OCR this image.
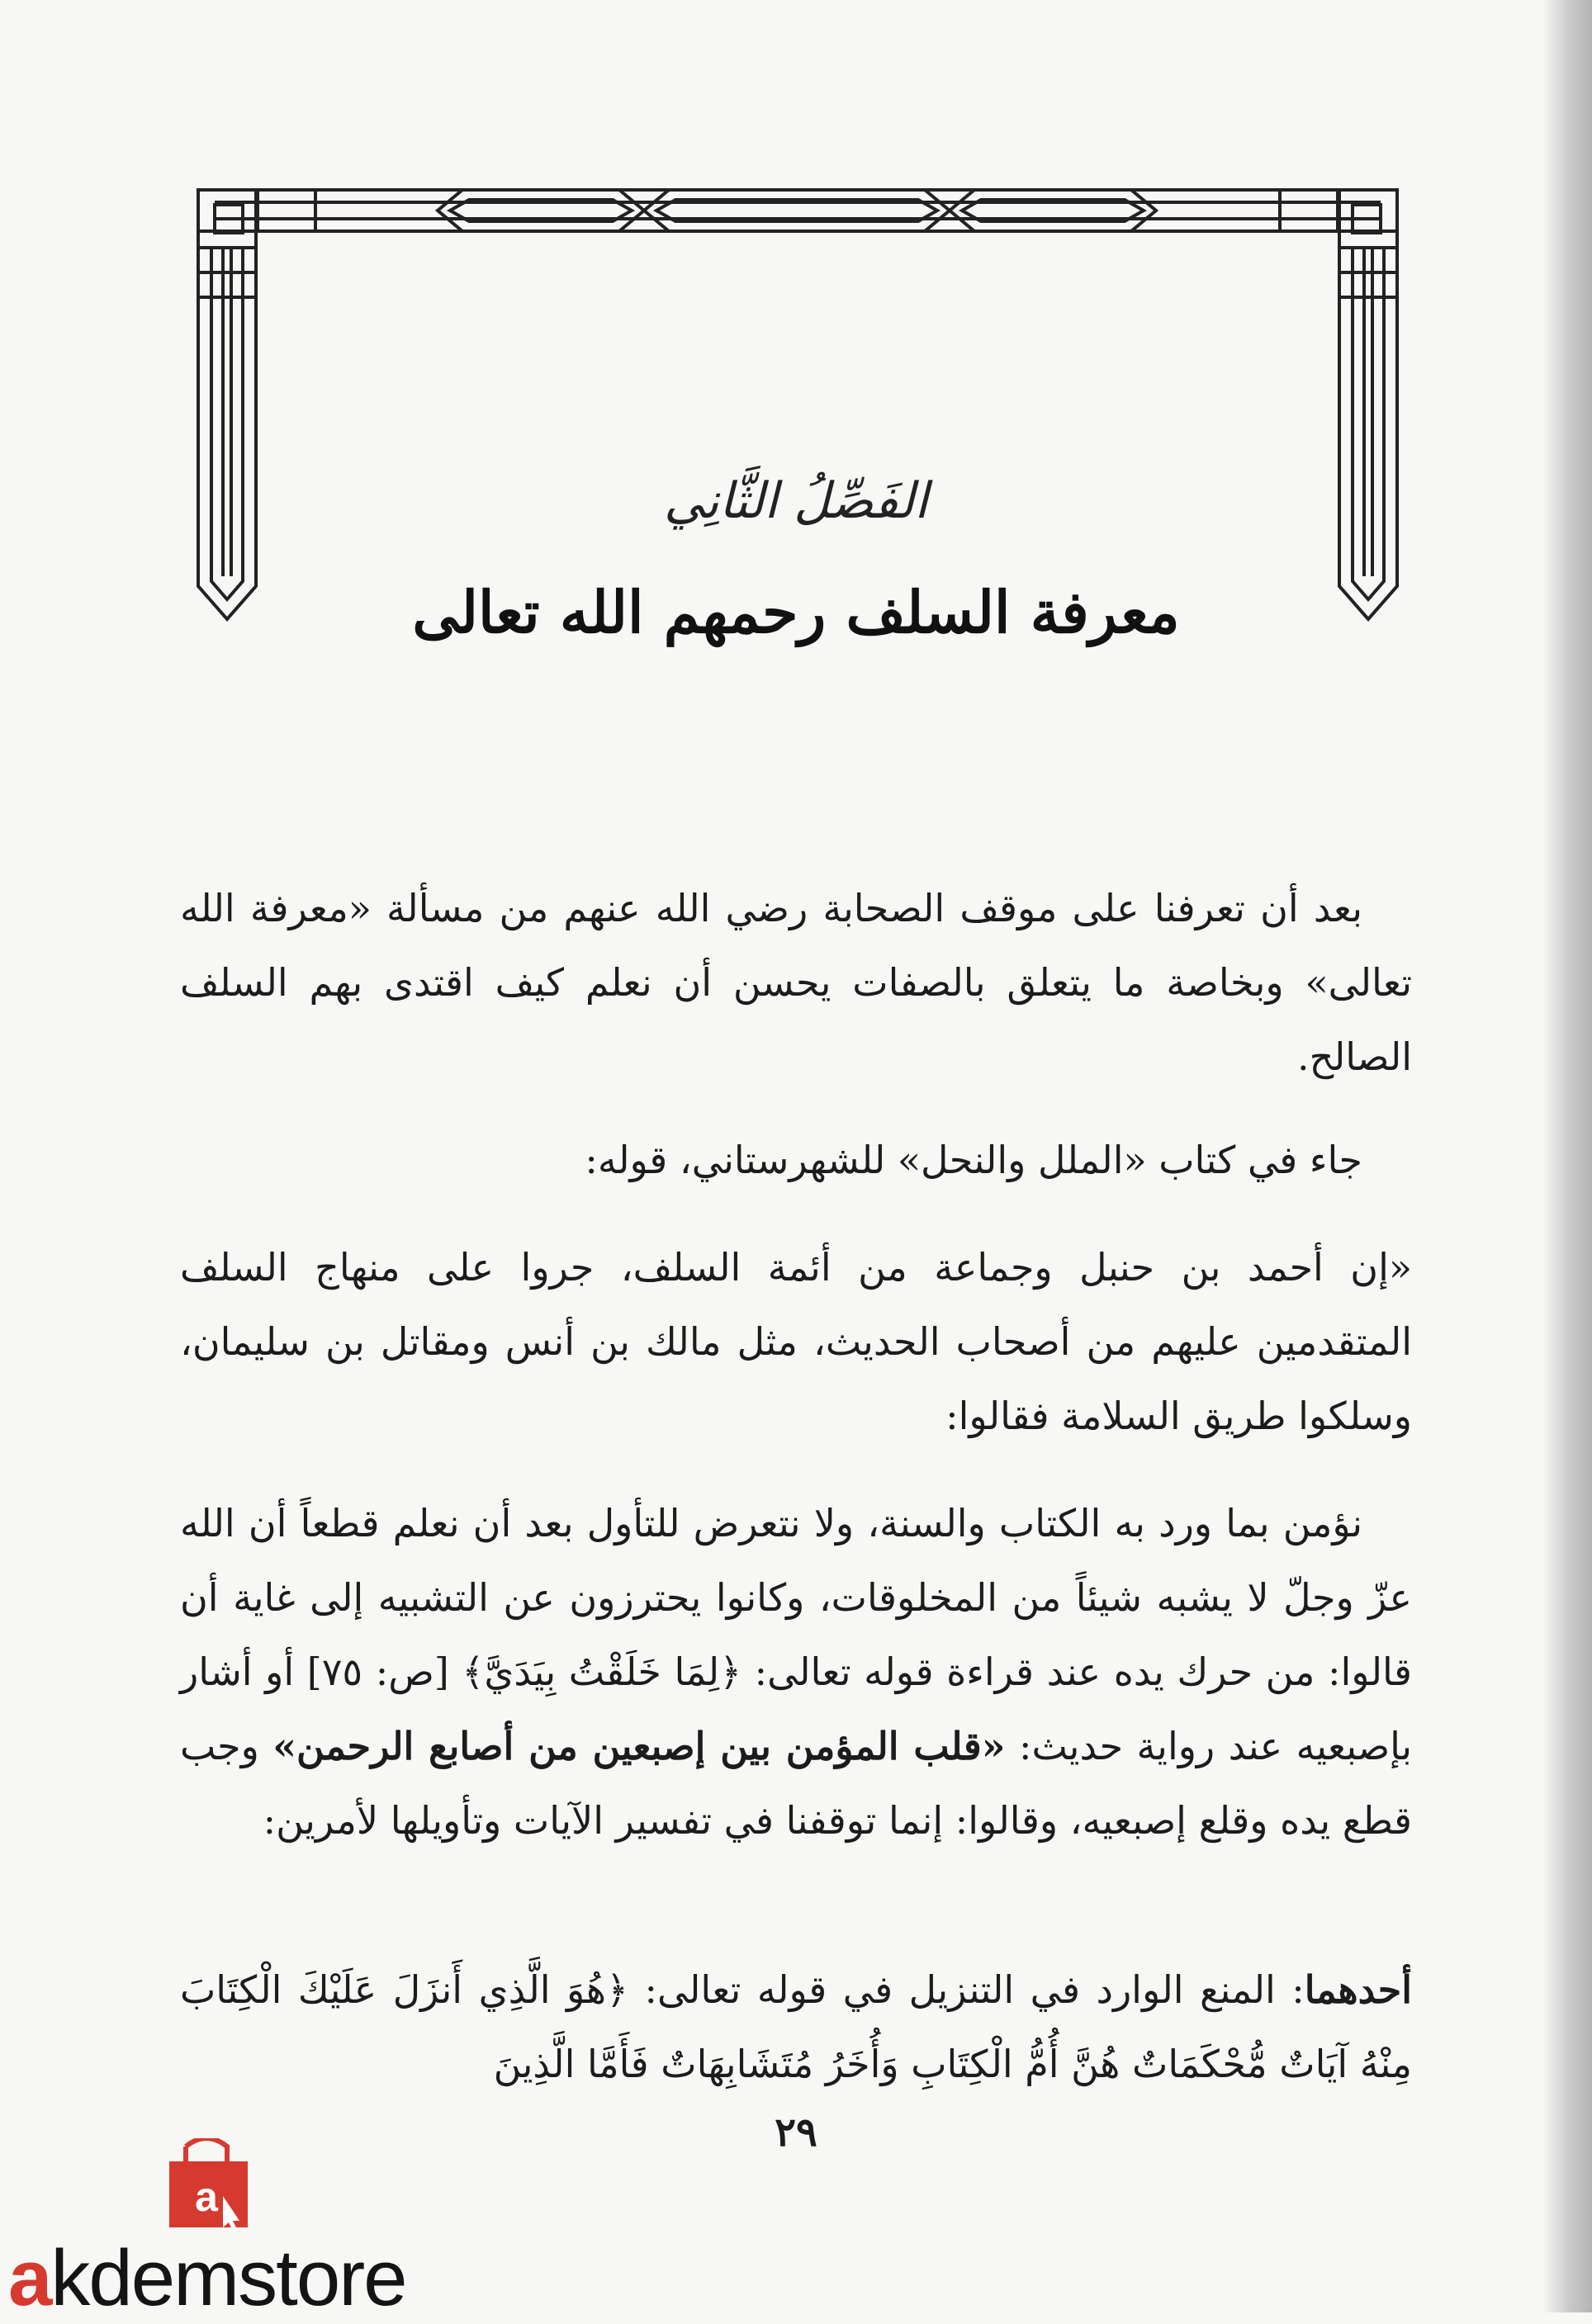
الفَصِّلُ الثَّانِي
معرفة السلف رحمهم الله تعالى

بعد أن تعرفنا على موقف الصحابة رضي الله عنهم من مسألة «معرفة الله تعالى» وبخاصة ما يتعلق بالصفات يحسن أن نعلم كيف اقتدى بهم السلف الصالح.

جاء في كتاب «الملل والنحل» للشهرستاني، قوله:

«إن أحمد بن حنبل وجماعة من أئمة السلف، جروا على منهاج السلف المتقدمين عليهم من أصحاب الحديث، مثل مالك بن أنس ومقاتل بن سليمان، وسلكوا طريق السلامة فقالوا:

نؤمن بما ورد به الكتاب والسنة، ولا نتعرض للتأول بعد أن نعلم قطعاً أن الله عزّ وجلّ لا يشبه شيئاً من المخلوقات، وكانوا يحترزون عن التشبيه إلى غاية أن قالوا: من حرك يده عند قراءة قوله تعالى: ﴿لِمَا خَلَقْتُ بِيَدَيَّ﴾ [ص: ٧٥] أو أشار بإصبعيه عند رواية حديث: «قلب المؤمن بين إصبعين من أصابع الرحمن» وجب قطع يده وقلع إصبعيه، وقالوا: إنما توقفنا في تفسير الآيات وتأويلها لأمرين:

أحدهما: المنع الوارد في التنزيل في قوله تعالى: ﴿هُوَ الَّذِي أَنزَلَ عَلَيْكَ الْكِتَابَ مِنْهُ آيَاتٌ مُّحْكَمَاتٌ هُنَّ أُمُّ الْكِتَابِ وَأُخَرُ مُتَشَابِهَاتٌ فَأَمَّا الَّذِينَ

٢٩
a
akdemstore
